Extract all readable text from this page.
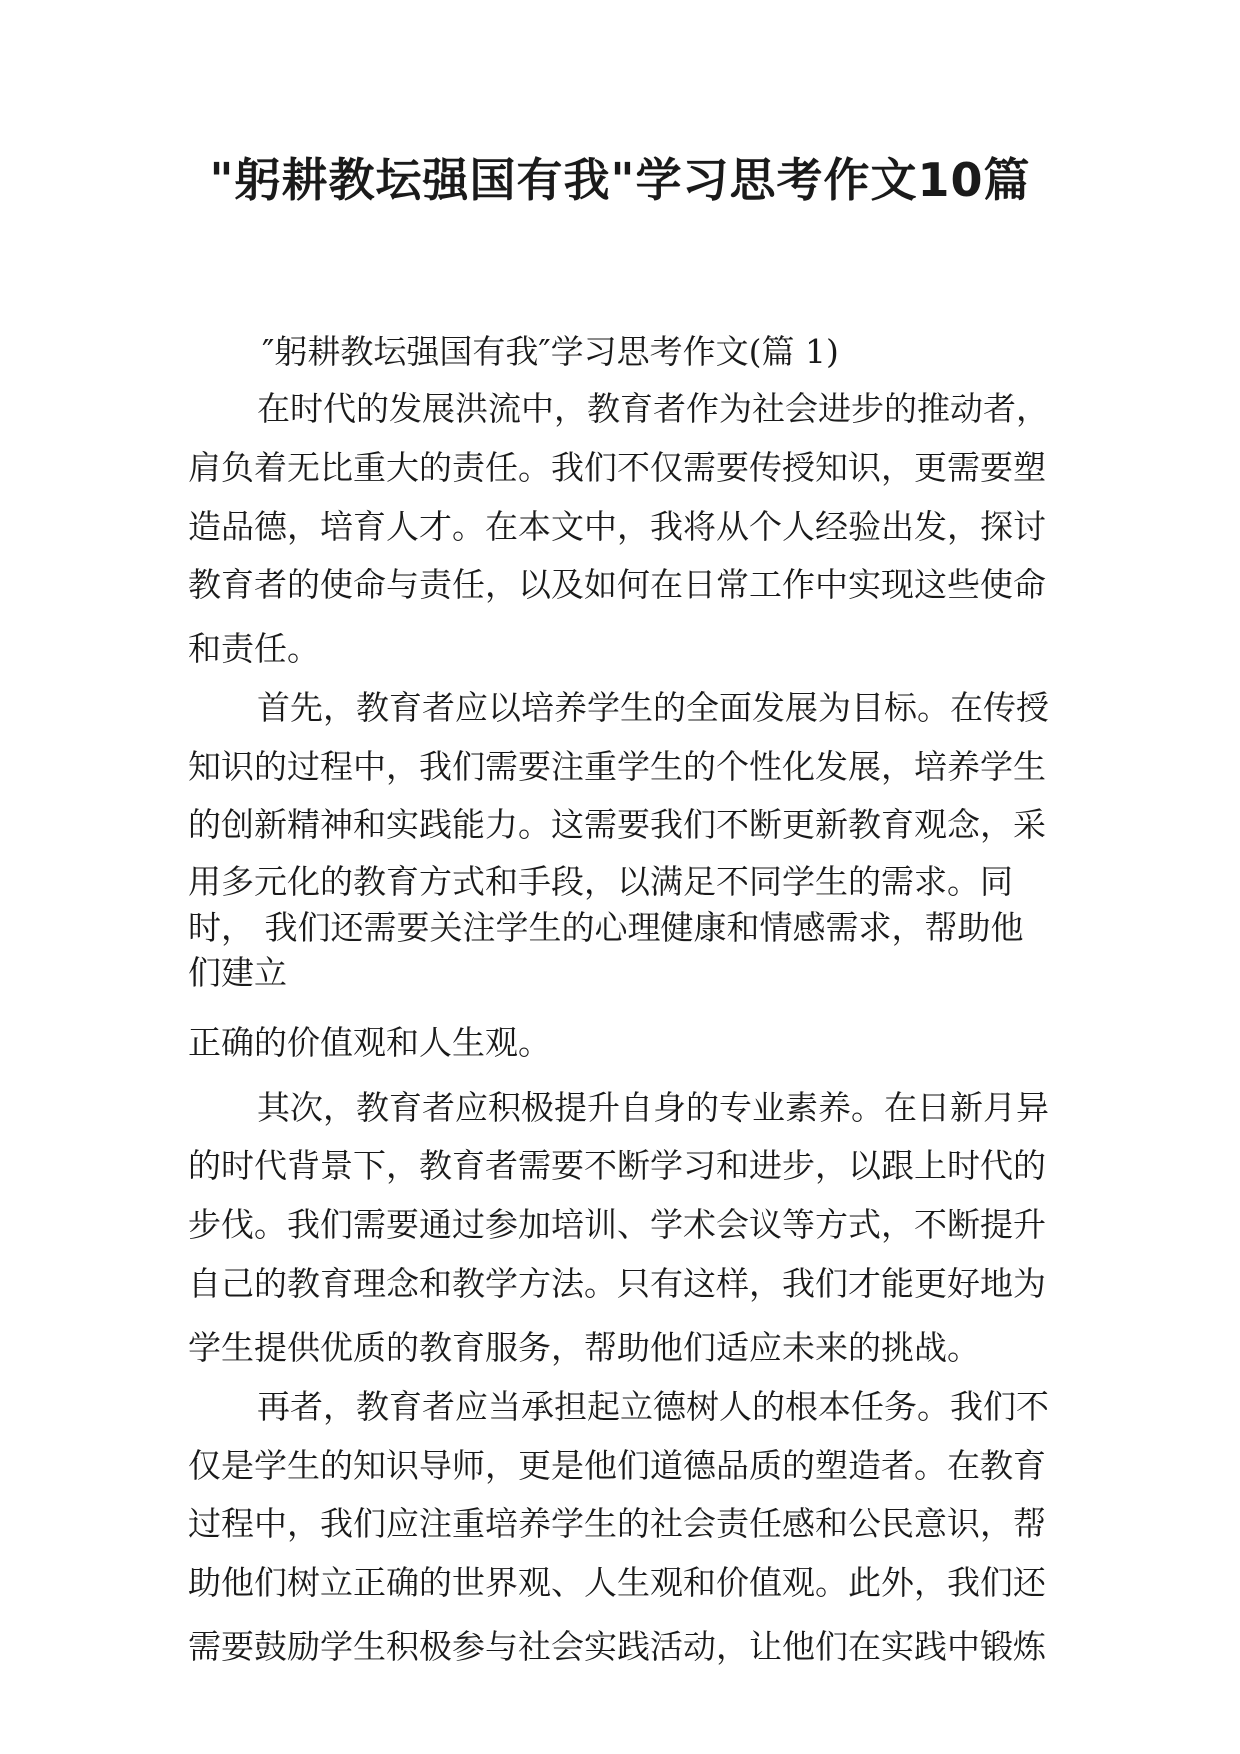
"躬耕教坛强国有我"学习思考作文10篇

″躬耕教坛强国有我″学习思考作文(篇 1)

在时代的发展洪流中，教育者作为社会进步的推动者，

肩负着无比重大的责任。我们不仅需要传授知识，更需要塑

造品德，培育人才。在本文中，我将从个人经验出发，探讨

教育者的使命与责任，以及如何在日常工作中实现这些使命

和责任。

首先，教育者应以培养学生的全面发展为目标。在传授

知识的过程中，我们需要注重学生的个性化发展，培养学生

的创新精神和实践能力。这需要我们不断更新教育观念，采

用多元化的教育方式和手段，以满足不同学生的需求。同

时， 我们还需要关注学生的心理健康和情感需求，帮助他

们建立

正确的价值观和人生观。

其次，教育者应积极提升自身的专业素养。在日新月异

的时代背景下，教育者需要不断学习和进步，以跟上时代的

步伐。我们需要通过参加培训、学术会议等方式，不断提升

自己的教育理念和教学方法。只有这样，我们才能更好地为

学生提供优质的教育服务，帮助他们适应未来的挑战。

再者，教育者应当承担起立德树人的根本任务。我们不

仅是学生的知识导师，更是他们道德品质的塑造者。在教育

过程中，我们应注重培养学生的社会责任感和公民意识，帮

助他们树立正确的世界观、人生观和价值观。此外，我们还

需要鼓励学生积极参与社会实践活动，让他们在实践中锻炼
